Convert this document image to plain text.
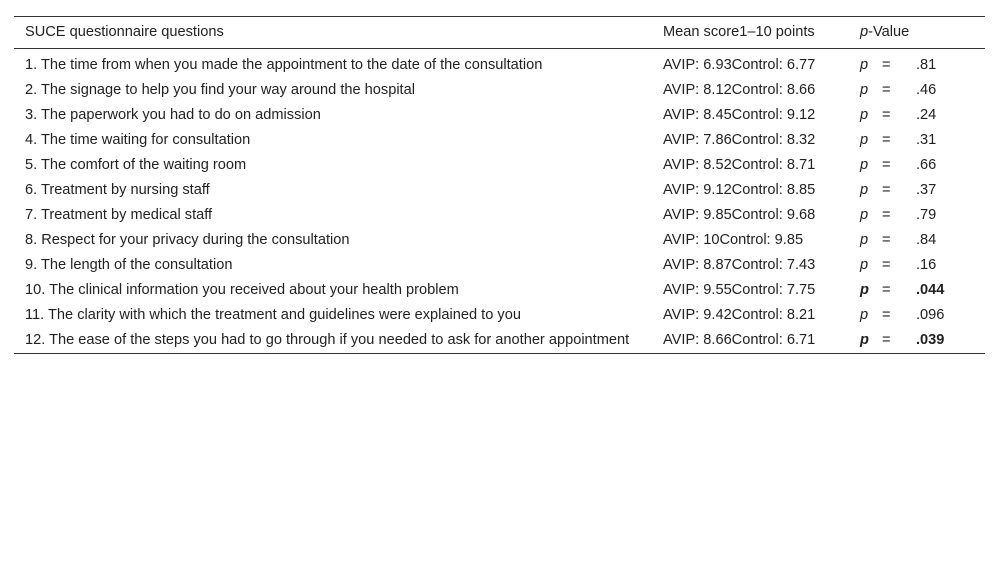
SUCE questionnaire questions	Mean score1–10 points	p-Value
1. The time from when you made the appointment to the date of the consultation	AVIP: 6.93Control: 6.77	p = .81

2. The signage to help you find your way around the hospital	AVIP: 8.12Control: 8.66	p = .46

3. The paperwork you had to do on admission	AVIP: 8.45Control: 9.12	p = .24

4. The time waiting for consultation	AVIP: 7.86Control: 8.32	p = .31

5. The comfort of the waiting room	AVIP: 8.52Control: 8.71	p = .66

6. Treatment by nursing staff	AVIP: 9.12Control: 8.85	p = .37

7. Treatment by medical staff	AVIP: 9.85Control: 9.68	p = .79

8. Respect for your privacy during the consultation	AVIP: 10Control: 9.85	p = .84

9. The length of the consultation	AVIP: 8.87Control: 7.43	p = .16

10. The clinical information you received about your health problem	AVIP: 9.55Control: 7.75	p = .044

11. The clarity with which the treatment and guidelines were explained to you	AVIP: 9.42Control: 8.21	p = .096

12. The ease of the steps you had to go through if you needed to ask for another appointment	AVIP: 8.66Control: 6.71	p = .039
